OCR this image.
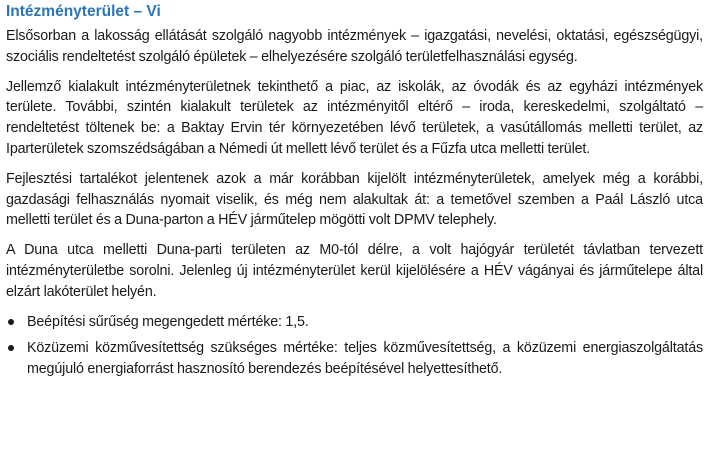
Intézményterület – Vi

Elsősorban a lakosság ellátását szolgáló nagyobb intézmények – igazgatási, nevelési, oktatási, egészségügyi, szociális rendeltetést szolgáló épületek – elhelyezésére szolgáló területfelhasználási egység.

Jellemző kialakult intézményterületnek tekinthető a piac, az iskolák, az óvodák és az egyházi intézmények területe. További, szintén kialakult területek az intézményitől eltérő – iroda, kereskedelmi, szolgáltató – rendeltetést töltenek be: a Baktay Ervin tér környezetében lévő területek, a vasútállomás melletti terület, az Iparterületek szomszédságában a Némedi út mellett lévő terület és a Fűzfa utca melletti terület.

Fejlesztési tartalékot jelentenek azok a már korábban kijelölt intézményterületek, amelyek még a korábbi, gazdasági felhasználás nyomait viselik, és még nem alakultak át: a temetővel szemben a Paál László utca melletti terület és a Duna-parton a HÉV járműtelep mögötti volt DPMV telephely.

A Duna utca melletti Duna-parti területen az M0-tól délre, a volt hajógyár területét távlatban tervezett intézményterületbe sorolni. Jelenleg új intézményterület kerül kijelölésére a HÉV vágányai és járműtelepe által elzárt lakóterület helyén.

Beépítési sűrűség megengedett mértéke: 1,5.
Közüzemi közművesítettség szükséges mértéke: teljes közművesítettség, a közüzemi energiaszolgáltatás megújuló energiaforrást hasznosító berendezés beépítésével helyettesíthető.
